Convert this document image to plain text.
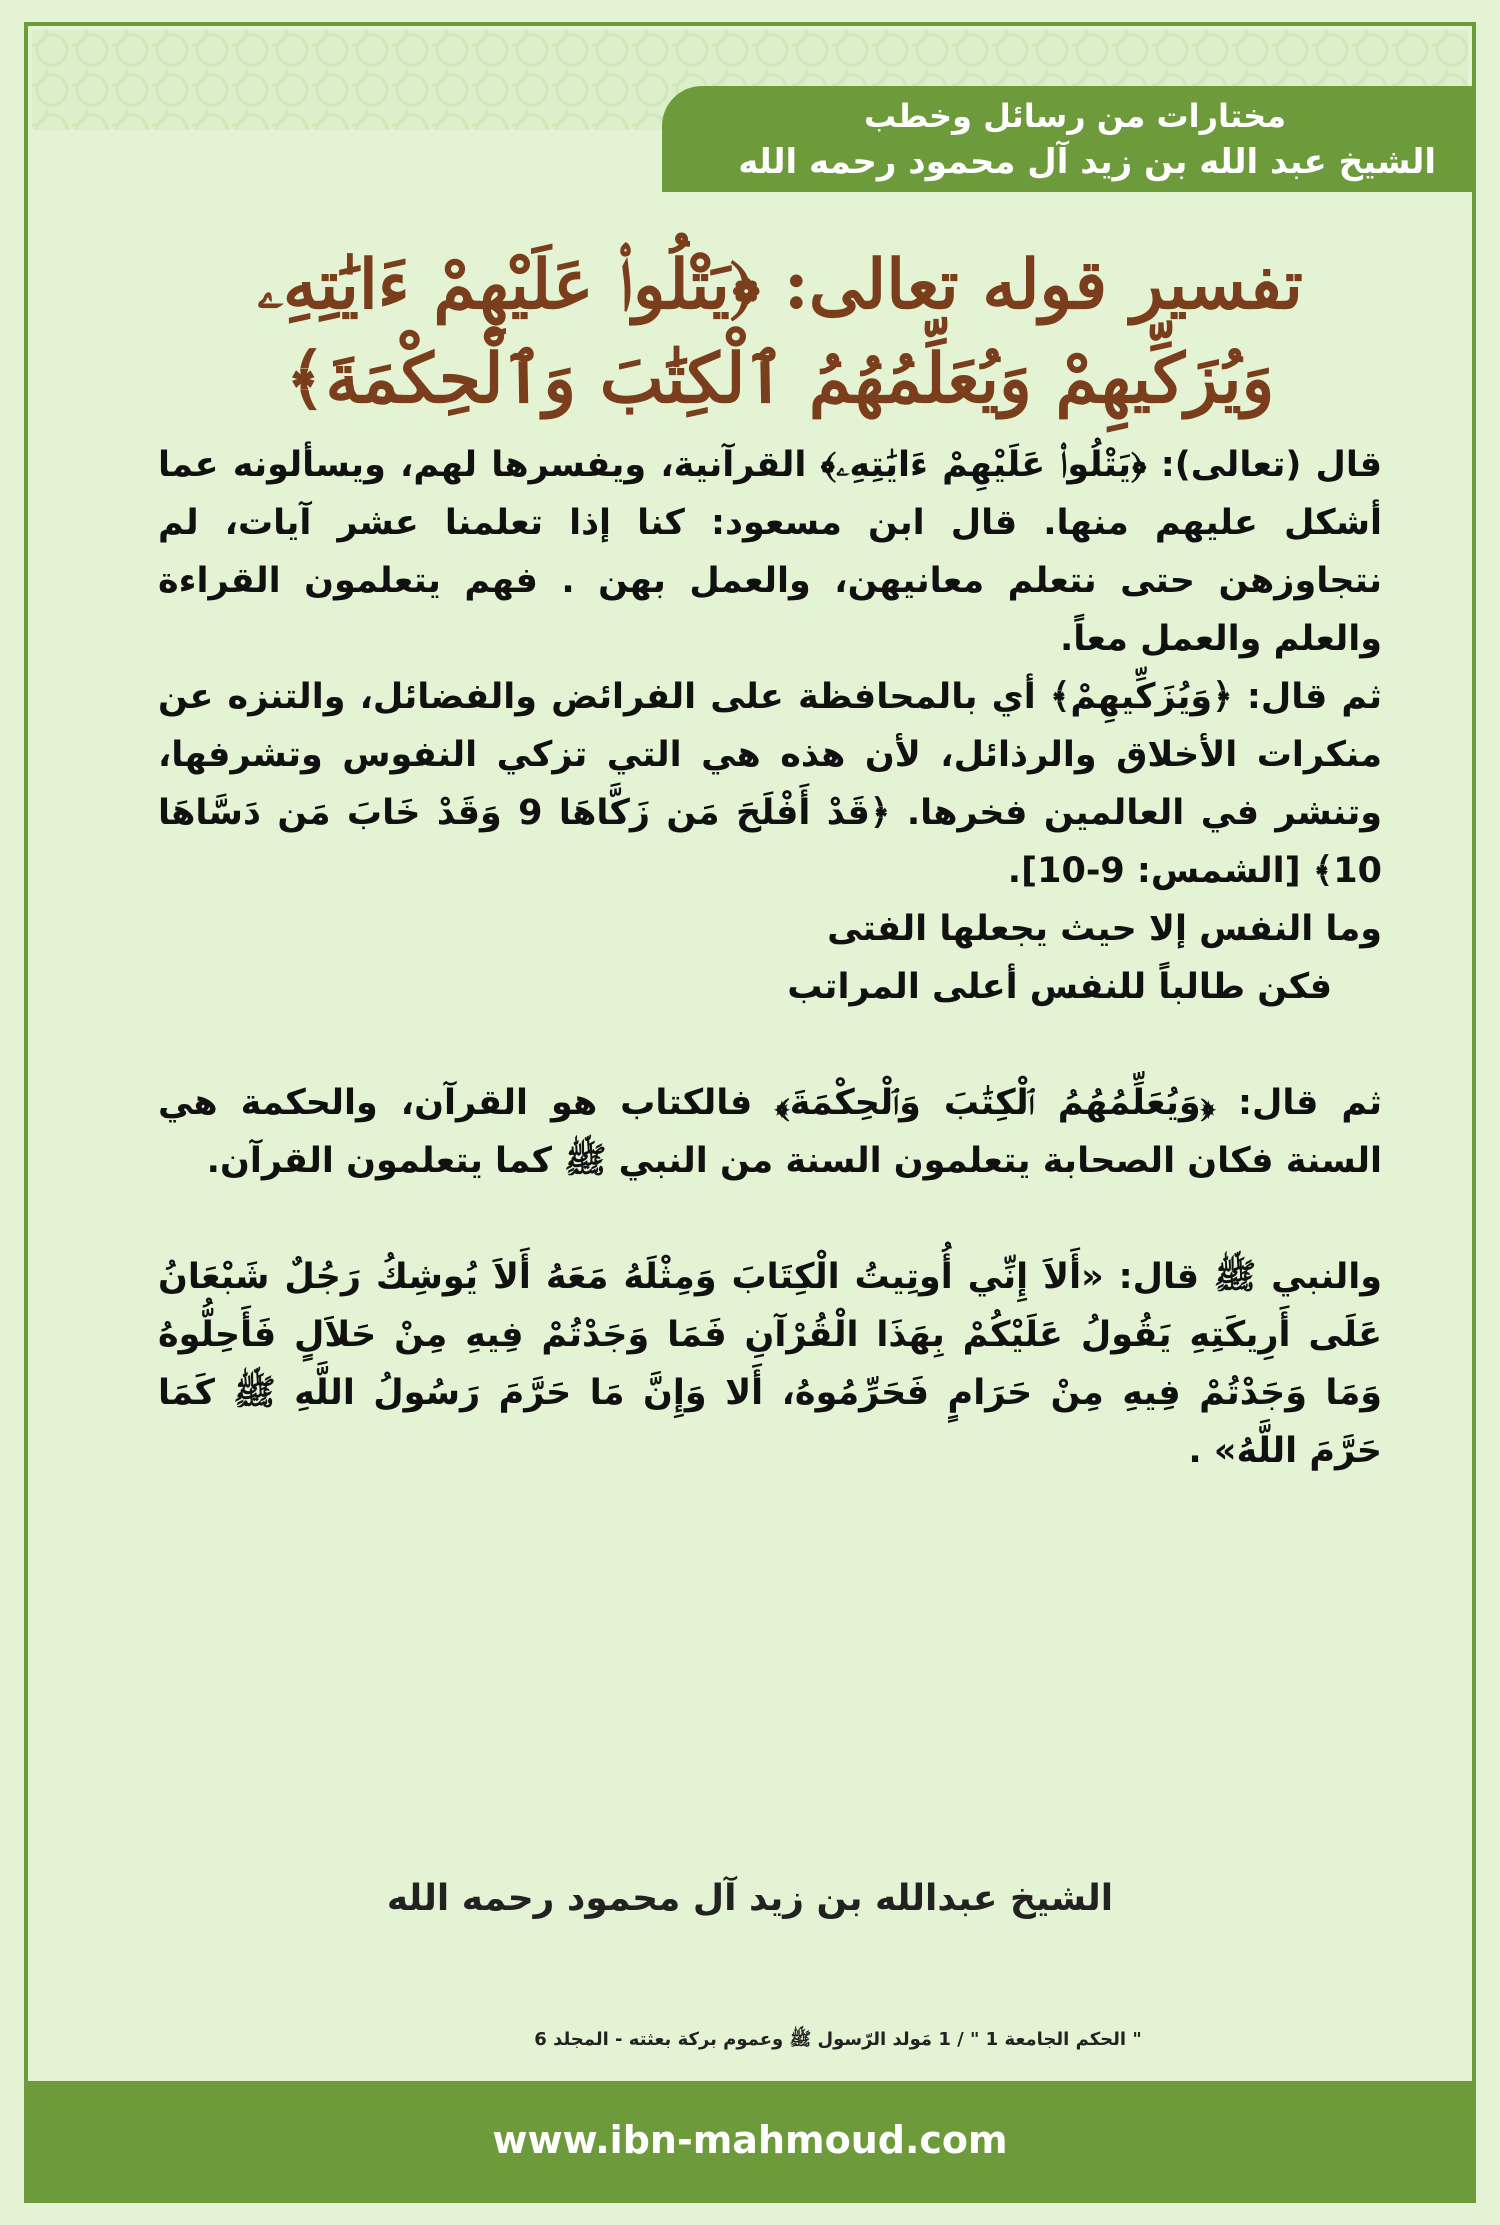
مختارات من رسائل وخطب
الشيخ عبد الله بن زيد آل محمود رحمه الله
تفسير قوله تعالى: ﴿يَتْلُوا۟ عَلَيْهِمْ ءَايَٰتِهِۦ
وَيُزَكِّيهِمْ وَيُعَلِّمُهُمُ ٱلْكِتَٰبَ وَٱلْحِكْمَةَ﴾

قال (تعالى): ﴿يَتْلُوا۟ عَلَيْهِمْ ءَايَٰتِهِۦ﴾ القرآنية، ويفسرها لهم، ويسألونه عما أشكل عليهم منها. قال ابن مسعود: كنا إذا تعلمنا عشر آيات، لم نتجاوزهن حتى نتعلم معانيهن، والعمل بهن . فهم يتعلمون القراءة والعلم والعمل معاً.

ثم قال: ﴿وَيُزَكِّيهِمْ﴾ أي بالمحافظة على الفرائض والفضائل، والتنزه عن منكرات الأخلاق والرذائل، لأن هذه هي التي تزكي النفوس وتشرفها، وتنشر في العالمين فخرها. ﴿قَدْ أَفْلَحَ مَن زَكَّاهَا 9 وَقَدْ خَابَ مَن دَسَّاهَا 10﴾ [الشمس: 9-10].

وما النفس إلا حيث يجعلها الفتى

فكن طالباً للنفس أعلى المراتب

ثم قال: ﴿وَيُعَلِّمُهُمُ ٱلْكِتَٰبَ وَٱلْحِكْمَةَ﴾ فالكتاب هو القرآن، والحكمة هي السنة فكان الصحابة يتعلمون السنة من النبي ﷺ كما يتعلمون القرآن.

والنبي ﷺ قال: «أَلاَ إِنِّي أُوتِيتُ الْكِتَابَ وَمِثْلَهُ مَعَهُ أَلاَ يُوشِكُ رَجُلٌ شَبْعَانُ عَلَى أَرِيكَتِهِ يَقُولُ عَلَيْكُمْ بِهَذَا الْقُرْآنِ فَمَا وَجَدْتُمْ فِيهِ مِنْ حَلاَلٍ فَأَحِلُّوهُ وَمَا وَجَدْتُمْ فِيهِ مِنْ حَرَامٍ فَحَرِّمُوهُ، أَلا وَإِنَّ مَا حَرَّمَ رَسُولُ اللَّهِ ﷺ كَمَا حَرَّمَ اللَّهُ» .

الشيخ عبدالله بن زيد آل محمود رحمه الله
" الحكم الجامعة 1 " / 1 مَولد الرّسول ﷺ وعموم بركة بعثته - المجلد 6
www.ibn-mahmoud.com
